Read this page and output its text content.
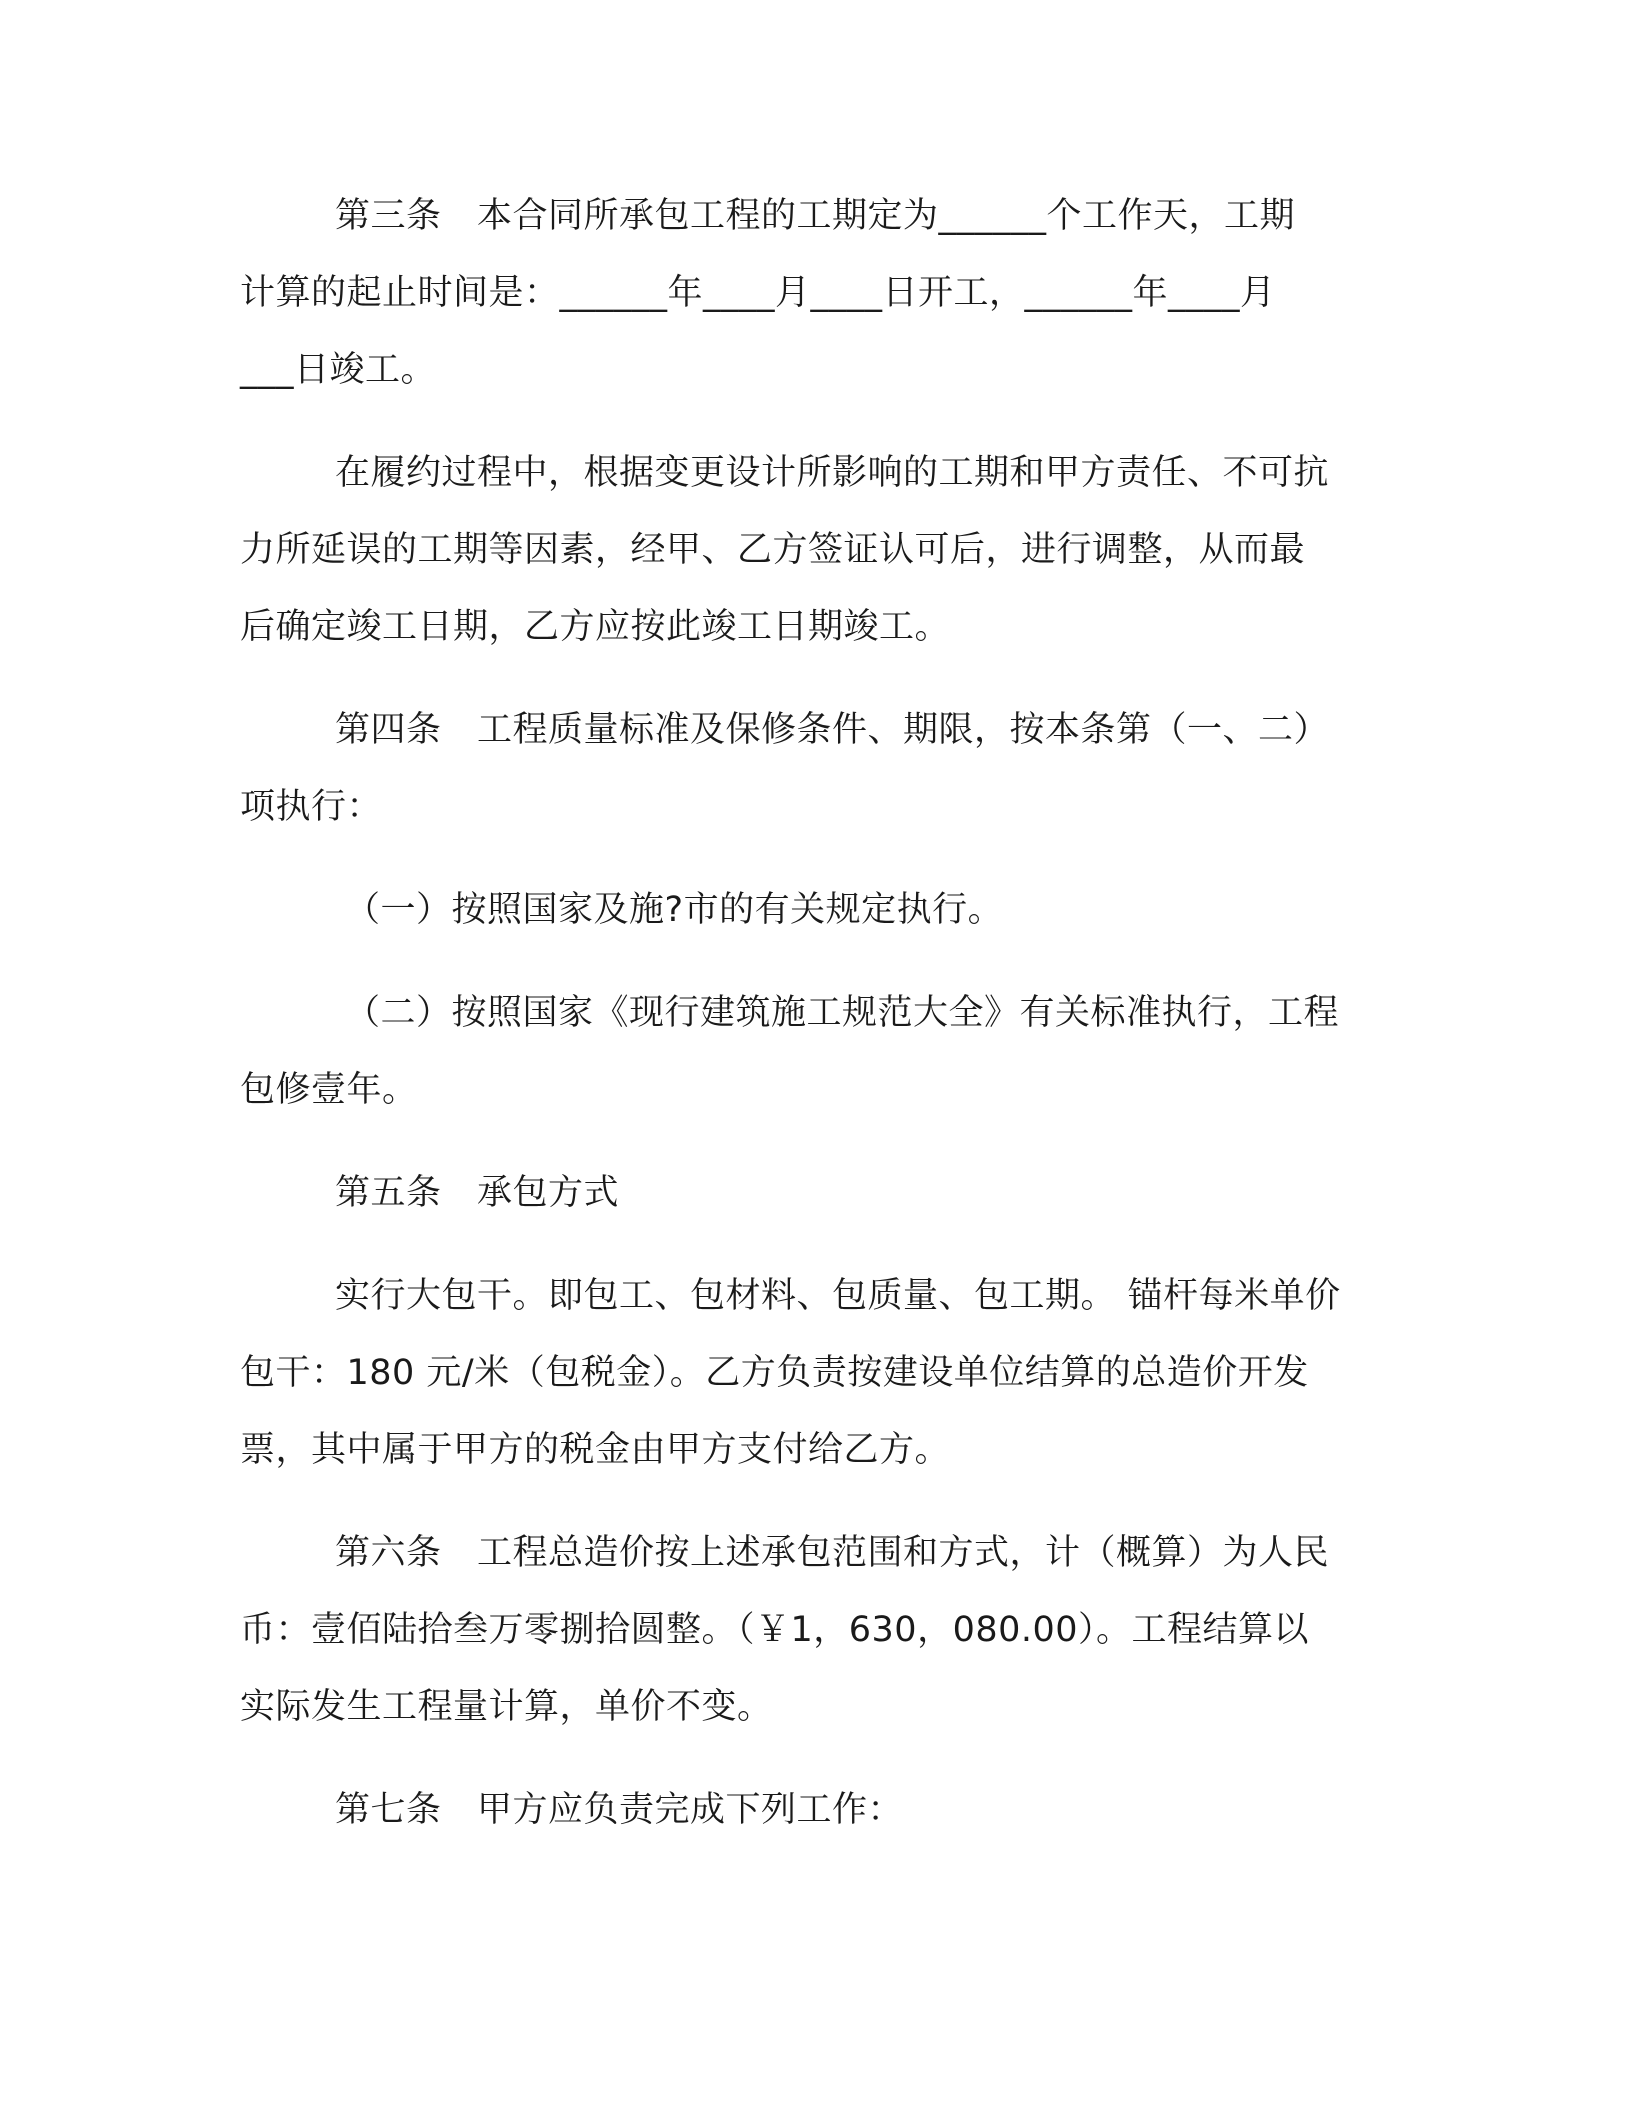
第三条　本合同所承包工程的工期定为______个工作天，工期
计算的起止时间是：______年____月____日开工，______年____月
___日竣工。
在履约过程中，根据变更设计所影响的工期和甲方责任、不可抗
力所延误的工期等因素，经甲、乙方签证认可后，进行调整，从而最
后确定竣工日期，乙方应按此竣工日期竣工。
第四条　工程质量标准及保修条件、期限，按本条第（一、二）
项执行：
（一）按照国家及施?市的有关规定执行。
（二）按照国家《现行建筑施工规范大全》有关标准执行，工程
包修壹年。
第五条　承包方式
实行大包干。即包工、包材料、包质量、包工期。 锚杆每米单价
包干：180 元/米（包税金）。乙方负责按建设单位结算的总造价开发
票，其中属于甲方的税金由甲方支付给乙方。
第六条　工程总造价按上述承包范围和方式，计（概算）为人民
币：壹佰陆拾叁万零捌拾圆整。（￥1，630，080.00）。工程结算以
实际发生工程量计算，单价不变。
第七条　甲方应负责完成下列工作：
